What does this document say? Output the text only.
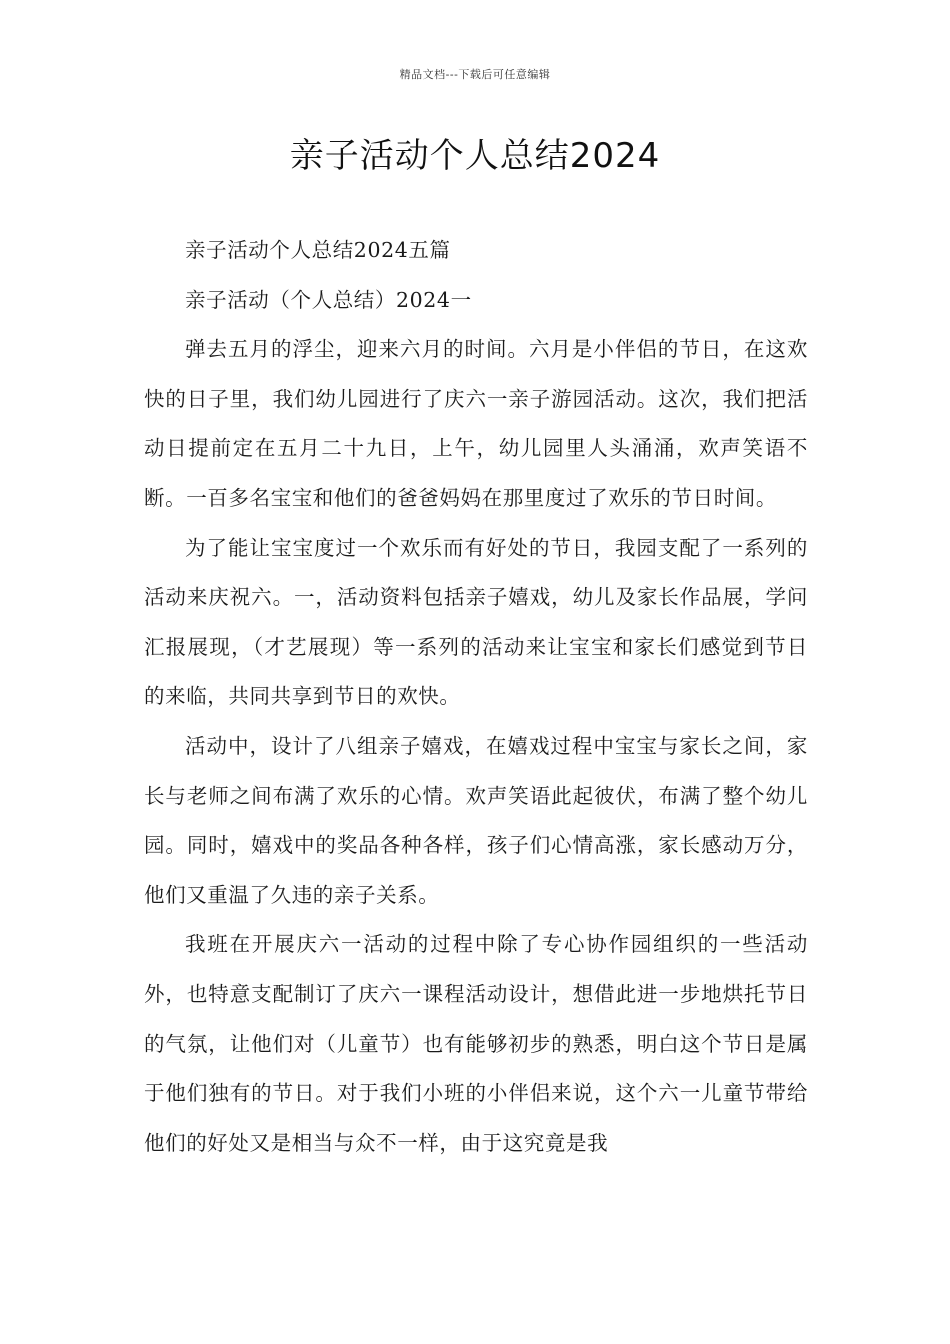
精品文档---下载后可任意编辑
亲子活动个人总结2024

亲子活动个人总结2024五篇

亲子活动（个人总结）2024一

弹去五月的浮尘，迎来六月的时间。六月是小伴侣的节日，在这欢快的日子里，我们幼儿园进行了庆六一亲子游园活动。这次，我们把活动日提前定在五月二十九日，上午，幼儿园里人头涌涌，欢声笑语不断。一百多名宝宝和他们的爸爸妈妈在那里度过了欢乐的节日时间。

为了能让宝宝度过一个欢乐而有好处的节日，我园支配了一系列的活动来庆祝六。一，活动资料包括亲子嬉戏，幼儿及家长作品展，学问汇报展现，（才艺展现）等一系列的活动来让宝宝和家长们感觉到节日的来临，共同共享到节日的欢快。

活动中，设计了八组亲子嬉戏，在嬉戏过程中宝宝与家长之间，家长与老师之间布满了欢乐的心情。欢声笑语此起彼伏，布满了整个幼儿园。同时，嬉戏中的奖品各种各样，孩子们心情高涨，家长感动万分，他们又重温了久违的亲子关系。

我班在开展庆六一活动的过程中除了专心协作园组织的一些活动外，也特意支配制订了庆六一课程活动设计，想借此进一步地烘托节日的气氛，让他们对（儿童节）也有能够初步的熟悉，明白这个节日是属于他们独有的节日。对于我们小班的小伴侣来说，这个六一儿童节带给他们的好处又是相当与众不一样，由于这究竟是我
